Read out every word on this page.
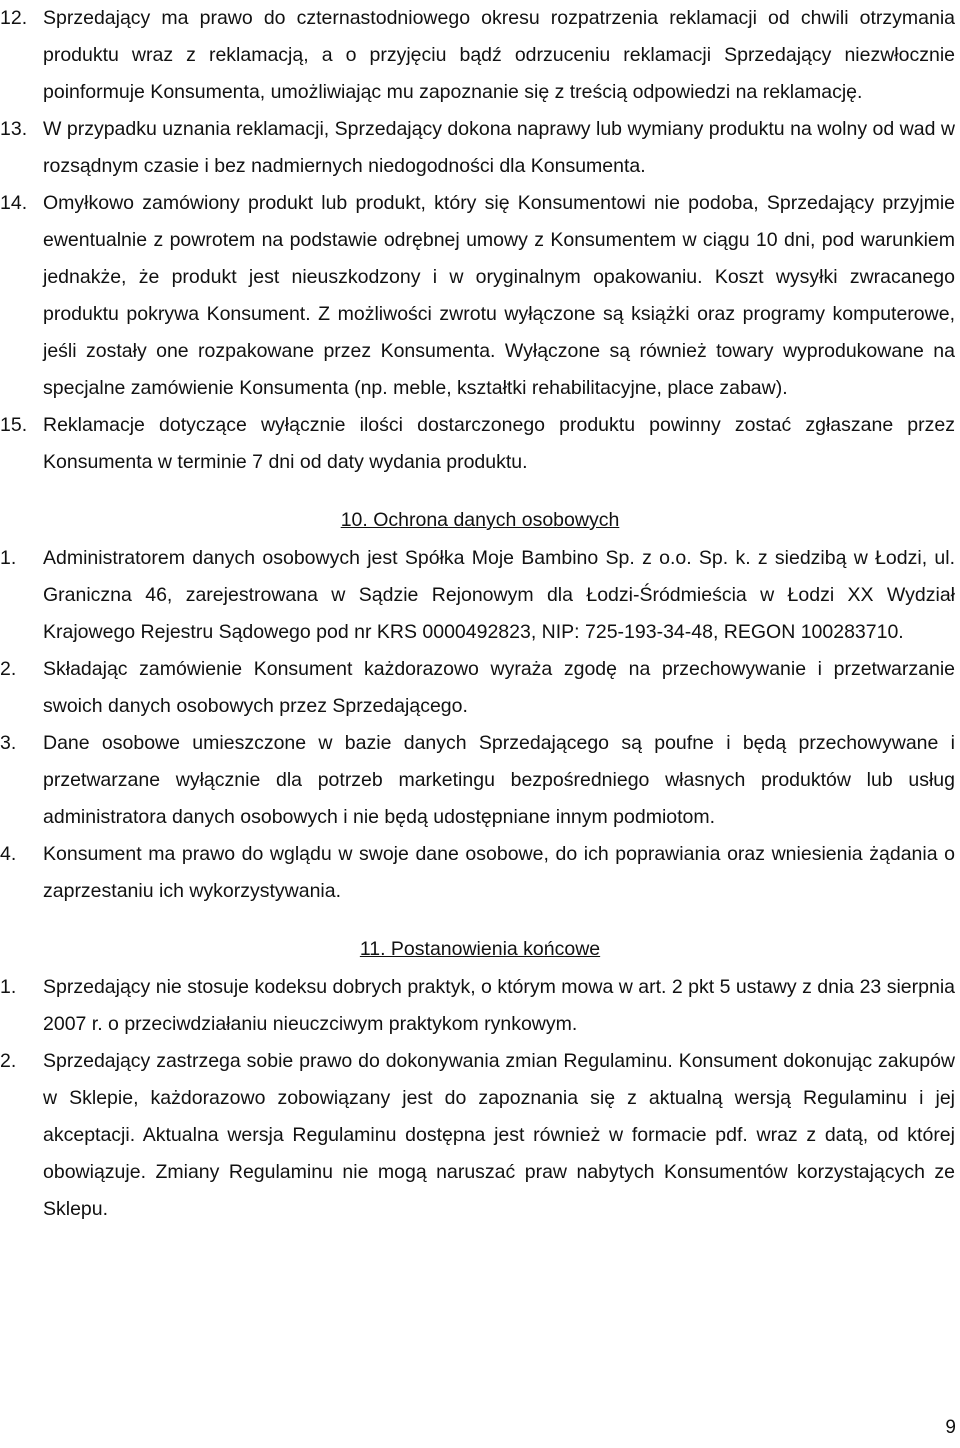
12. Sprzedający ma prawo do czternastodniowego okresu rozpatrzenia reklamacji od chwili otrzymania produktu wraz z reklamacją, a o przyjęciu bądź odrzuceniu reklamacji Sprzedający niezwłocznie poinformuje Konsumenta, umożliwiając mu zapoznanie się z treścią odpowiedzi na reklamację.

13. W przypadku uznania reklamacji, Sprzedający dokona naprawy lub wymiany produktu na wolny od wad w rozsądnym czasie i bez nadmiernych niedogodności dla Konsumenta.

14. Omyłkowo zamówiony produkt lub produkt, który się Konsumentowi nie podoba, Sprzedający przyjmie ewentualnie z powrotem na podstawie odrębnej umowy z Konsumentem w ciągu 10 dni, pod warunkiem jednakże, że produkt jest nieuszkodzony i w oryginalnym opakowaniu. Koszt wysyłki zwracanego produktu pokrywa Konsument. Z możliwości zwrotu wyłączone są książki oraz programy komputerowe, jeśli zostały one rozpakowane przez Konsumenta. Wyłączone są również towary wyprodukowane na specjalne zamówienie Konsumenta (np. meble, kształtki rehabilitacyjne, place zabaw).

15. Reklamacje dotyczące wyłącznie ilości dostarczonego produktu powinny zostać zgłaszane przez Konsumenta w terminie 7 dni od daty wydania produktu.

10. Ochrona danych osobowych

1.	Administratorem danych osobowych jest Spółka Moje Bambino Sp. z o.o. Sp. k. z siedzibą w Łodzi, ul. Graniczna 46, zarejestrowana w Sądzie Rejonowym dla Łodzi-Śródmieścia w Łodzi XX Wydział Krajowego Rejestru Sądowego pod nr KRS 0000492823, NIP: 725-193-34-48, REGON 100283710.

2.	Składając zamówienie Konsument każdorazowo wyraża zgodę na przechowywanie i przetwarzanie swoich danych osobowych przez Sprzedającego.

3.	Dane osobowe umieszczone w bazie danych Sprzedającego są poufne i będą przechowywane i przetwarzane wyłącznie dla potrzeb marketingu bezpośredniego własnych produktów lub usług administratora danych osobowych i nie będą udostępniane innym podmiotom.

4.	Konsument ma prawo do wglądu w swoje dane osobowe, do ich poprawiania oraz wniesienia żądania o zaprzestaniu ich wykorzystywania.

11. Postanowienia końcowe

1.	Sprzedający nie stosuje kodeksu dobrych praktyk, o którym mowa w art. 2 pkt 5 ustawy z dnia 23 sierpnia 2007 r. o przeciwdziałaniu nieuczciwym praktykom rynkowym.

2.	Sprzedający zastrzega sobie prawo do dokonywania zmian Regulaminu. Konsument dokonując zakupów w Sklepie, każdorazowo zobowiązany jest do zapoznania się z aktualną wersją Regulaminu i jej akceptacji. Aktualna wersja Regulaminu dostępna jest również w formacie pdf. wraz z datą, od której obowiązuje. Zmiany Regulaminu nie mogą naruszać praw nabytych Konsumentów korzystających ze Sklepu.

9
